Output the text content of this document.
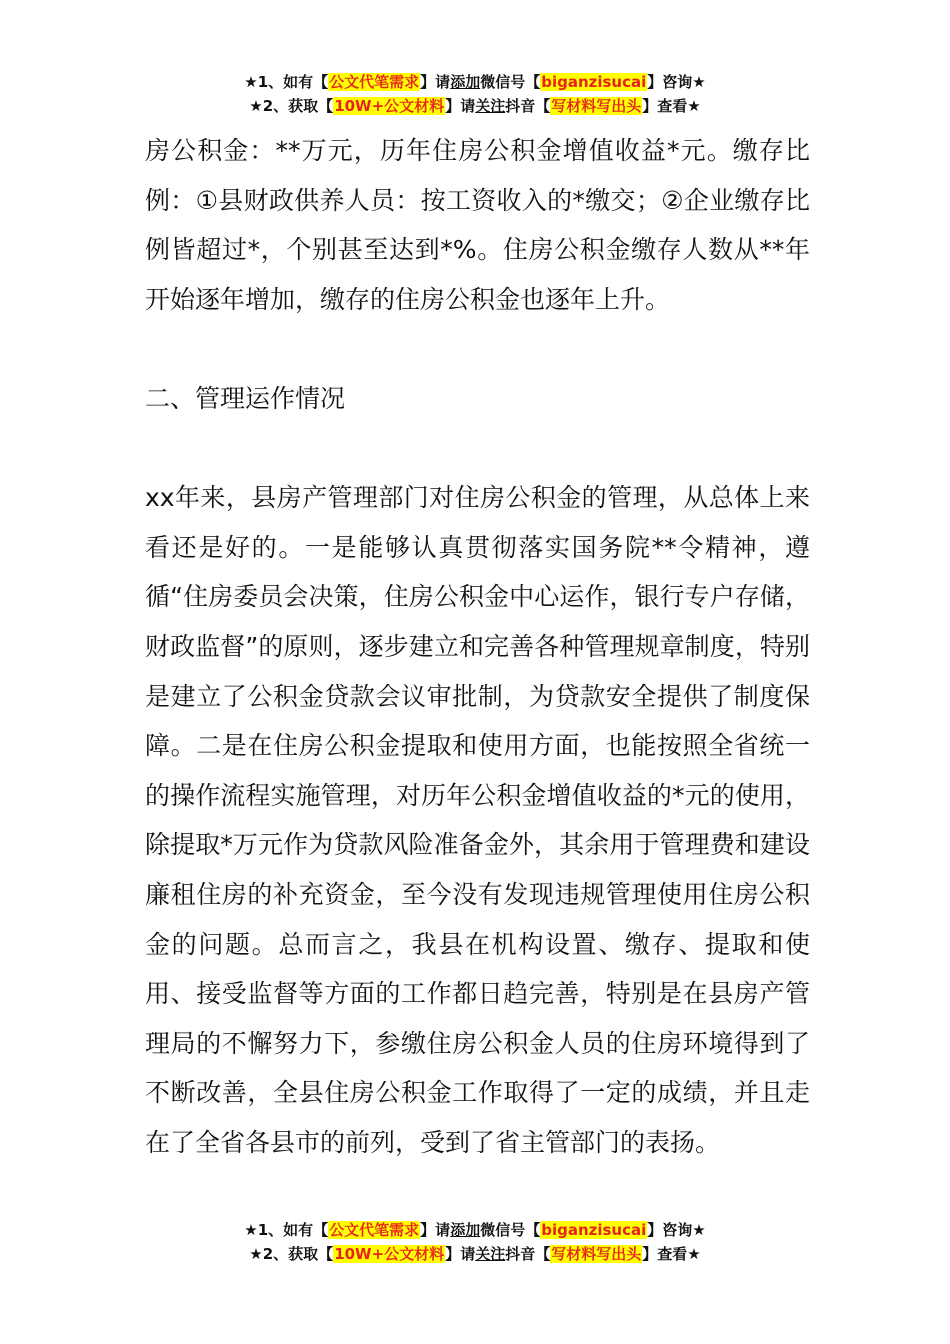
★1、如有【公文代笔需求】请添加微信号【biganzisucai】咨询★
★2、获取【10W+公文材料】请关注抖音【写材料写出头】查看★

房公积金：**万元，历年住房公积金增值收益*元。缴存比例：①县财政供养人员：按工资收入的*缴交；②企业缴存比例皆超过*，个别甚至达到*%。住房公积金缴存人数从**年开始逐年增加，缴存的住房公积金也逐年上升。

二、管理运作情况

xx年来，县房产管理部门对住房公积金的管理，从总体上来看还是好的。一是能够认真贯彻落实国务院**令精神，遵循“住房委员会决策，住房公积金中心运作，银行专户存储，财政监督”的原则，逐步建立和完善各种管理规章制度，特别是建立了公积金贷款会议审批制，为贷款安全提供了制度保障。二是在住房公积金提取和使用方面，也能按照全省统一的操作流程实施管理，对历年公积金增值收益的*元的使用，除提取*万元作为贷款风险准备金外，其余用于管理费和建设廉租住房的补充资金，至今没有发现违规管理使用住房公积金的问题。总而言之，我县在机构设置、缴存、提取和使用、接受监督等方面的工作都日趋完善，特别是在县房产管理局的不懈努力下，参缴住房公积金人员的住房环境得到了不断改善，全县住房公积金工作取得了一定的成绩，并且走在了全省各县市的前列，受到了省主管部门的表扬。

★1、如有【公文代笔需求】请添加微信号【biganzisucai】咨询★
★2、获取【10W+公文材料】请关注抖音【写材料写出头】查看★
